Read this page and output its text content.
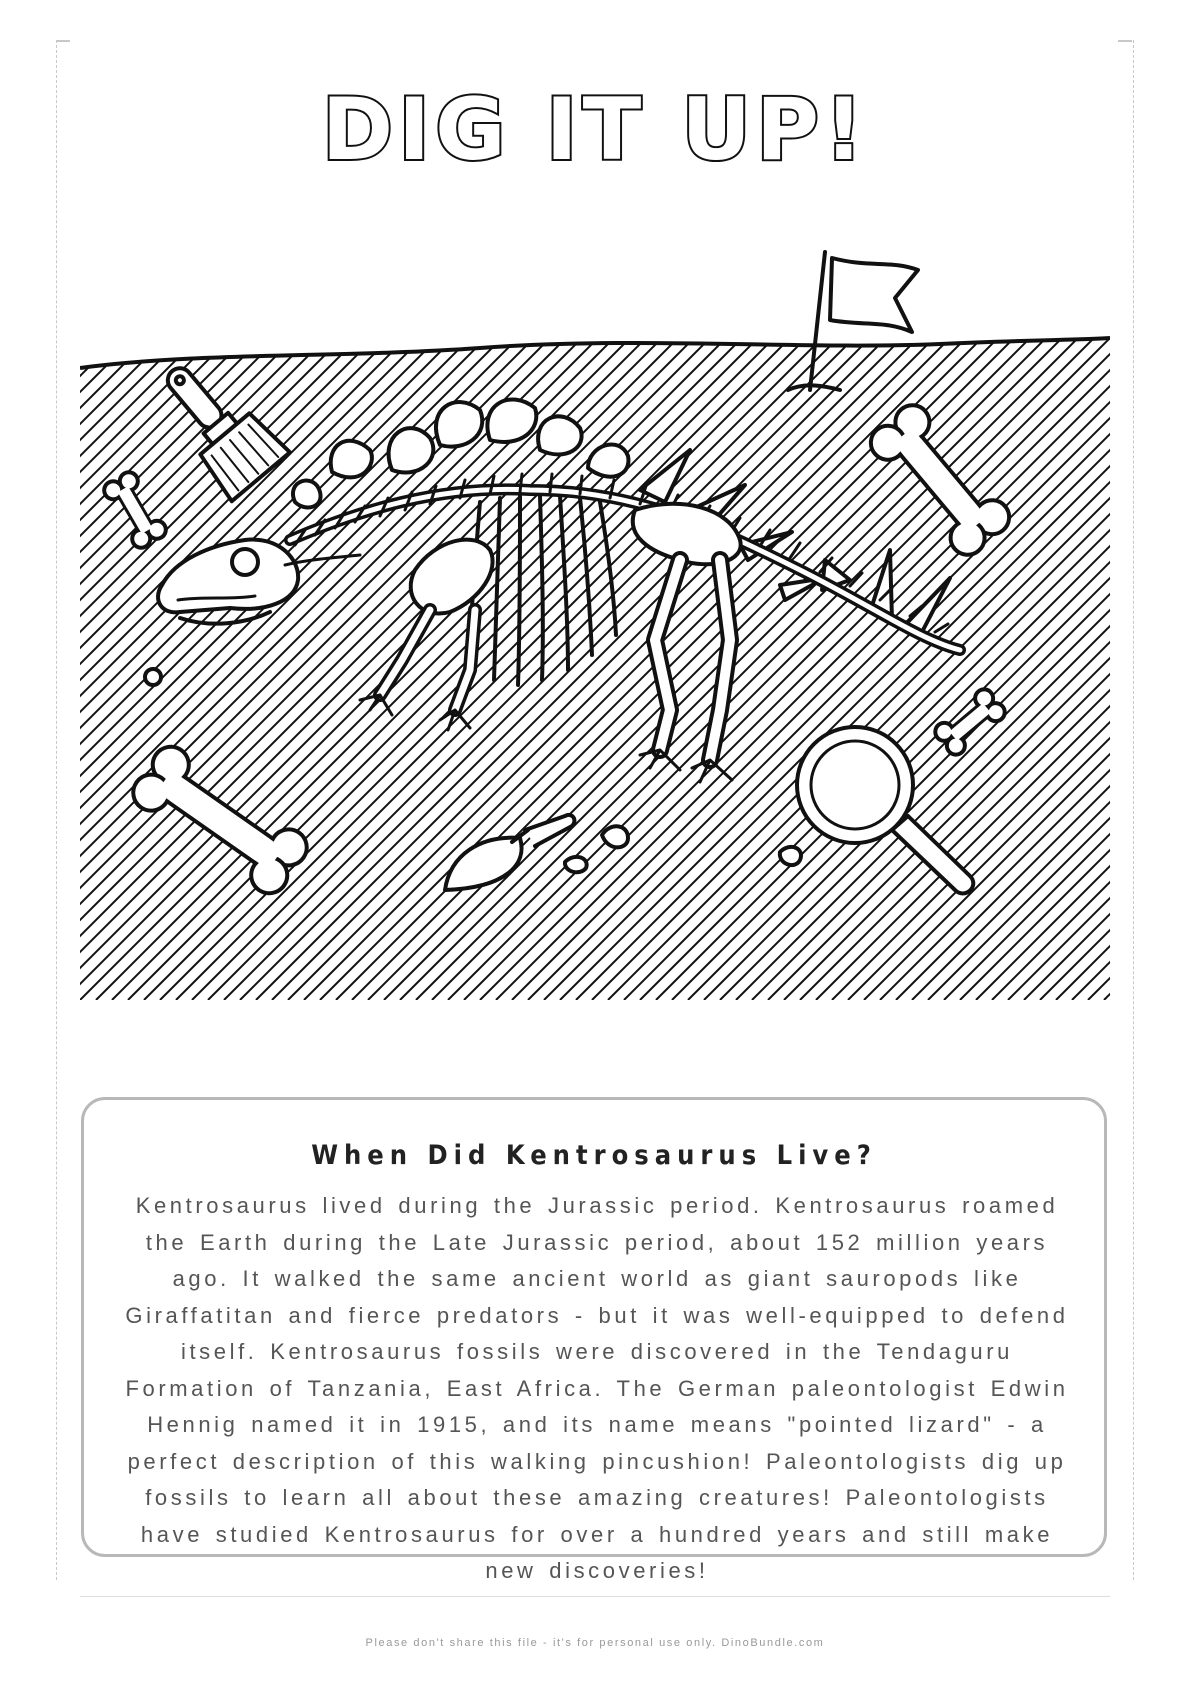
DIG IT UP!
When Did Kentrosaurus Live?
Kentrosaurus lived during the Jurassic period. Kentrosaurus roamed the Earth during the Late Jurassic period, about 152 million years ago. It walked the same ancient world as giant sauropods like Giraffatitan and fierce predators - but it was well-equipped to defend itself. Kentrosaurus fossils were discovered in the Tendaguru Formation of Tanzania, East Africa. The German paleontologist Edwin Hennig named it in 1915, and its name means "pointed lizard" - a perfect description of this walking pincushion! Paleontologists dig up fossils to learn all about these amazing creatures! Paleontologists have studied Kentrosaurus for over a hundred years and still make new discoveries!
Please don't share this file - it's for personal use only. DinoBundle.com
